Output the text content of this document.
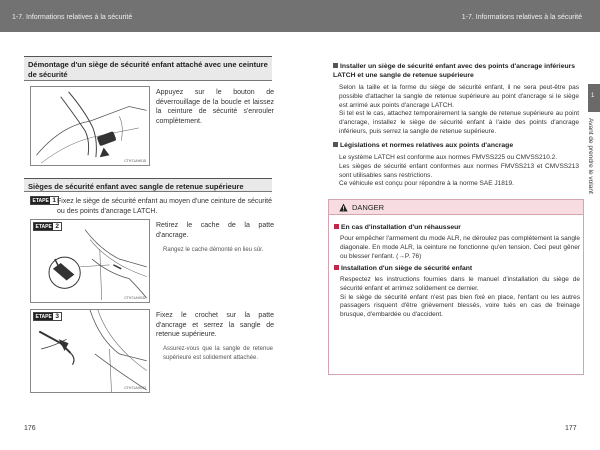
1-7. Informations relatives à la sécurité	1-7. Informations relatives à la sécurité
1
Avant de prendre le volant
Démontage d'un siège de sécurité enfant attaché avec une ceinture de sécurité
CTH71AH015
Appuyez sur le bouton de déverrouillage de la boucle et laissez la ceinture de sécurité s'enrouler complètement.
Sièges de sécurité enfant avec sangle de retenue supérieure
ETAPE 1 Fixez le siège de sécurité enfant au moyen d'une ceinture de sécurité ou des points d'ancrage LATCH.
ETAPE 2
CTH71AH032
Retirez le cache de la patte d'ancrage.
Rangez le cache démonté en lieu sûr.
ETAPE 3
CTH71AH033
Fixez le crochet sur la patte d'ancrage et serrez la sangle de retenue supérieure.
Assurez-vous que la sangle de retenue supérieure est solidement attachée.
176
Installer un siège de sécurité enfant avec des points d'ancrage inférieurs LATCH et une sangle de retenue supérieure
Selon la taille et la forme du siège de sécurité enfant, il ne sera peut-être pas possible d'attacher la sangle de retenue supérieure au point d'ancrage si le siège est arrimé aux points d'ancrage LATCH.
Si tel est le cas, attachez temporairement la sangle de retenue supérieure au point d'ancrage, installez le siège de sécurité enfant à l'aide des points d'ancrage inférieurs, puis serrez la sangle de retenue supérieure.
Législations et normes relatives aux points d'ancrage
Le système LATCH est conforme aux normes FMVSS225 ou CMVSS210.2.
Les sièges de sécurité enfant conformes aux normes FMVSS213 et CMVSS213 sont utilisables sans restrictions.
Ce véhicule est conçu pour répondre à la norme SAE J1819.
DANGER
En cas d'installation d'un réhausseur
Pour empêcher l'armement du mode ALR, ne déroulez pas complètement la sangle diagonale. En mode ALR, la ceinture ne fonctionne qu'en tension. Ceci peut gêner ou blesser l'enfant. (→P. 76)
Installation d'un siège de sécurité enfant
Respectez les instructions fournies dans le manuel d'installation du siège de sécurité enfant et arrimez solidement ce dernier.
Si le siège de sécurité enfant n'est pas bien fixé en place, l'enfant ou les autres passagers risquent d'être grièvement blessés, voire tués en cas de freinage brusque, d'embardée ou d'accident.
177
